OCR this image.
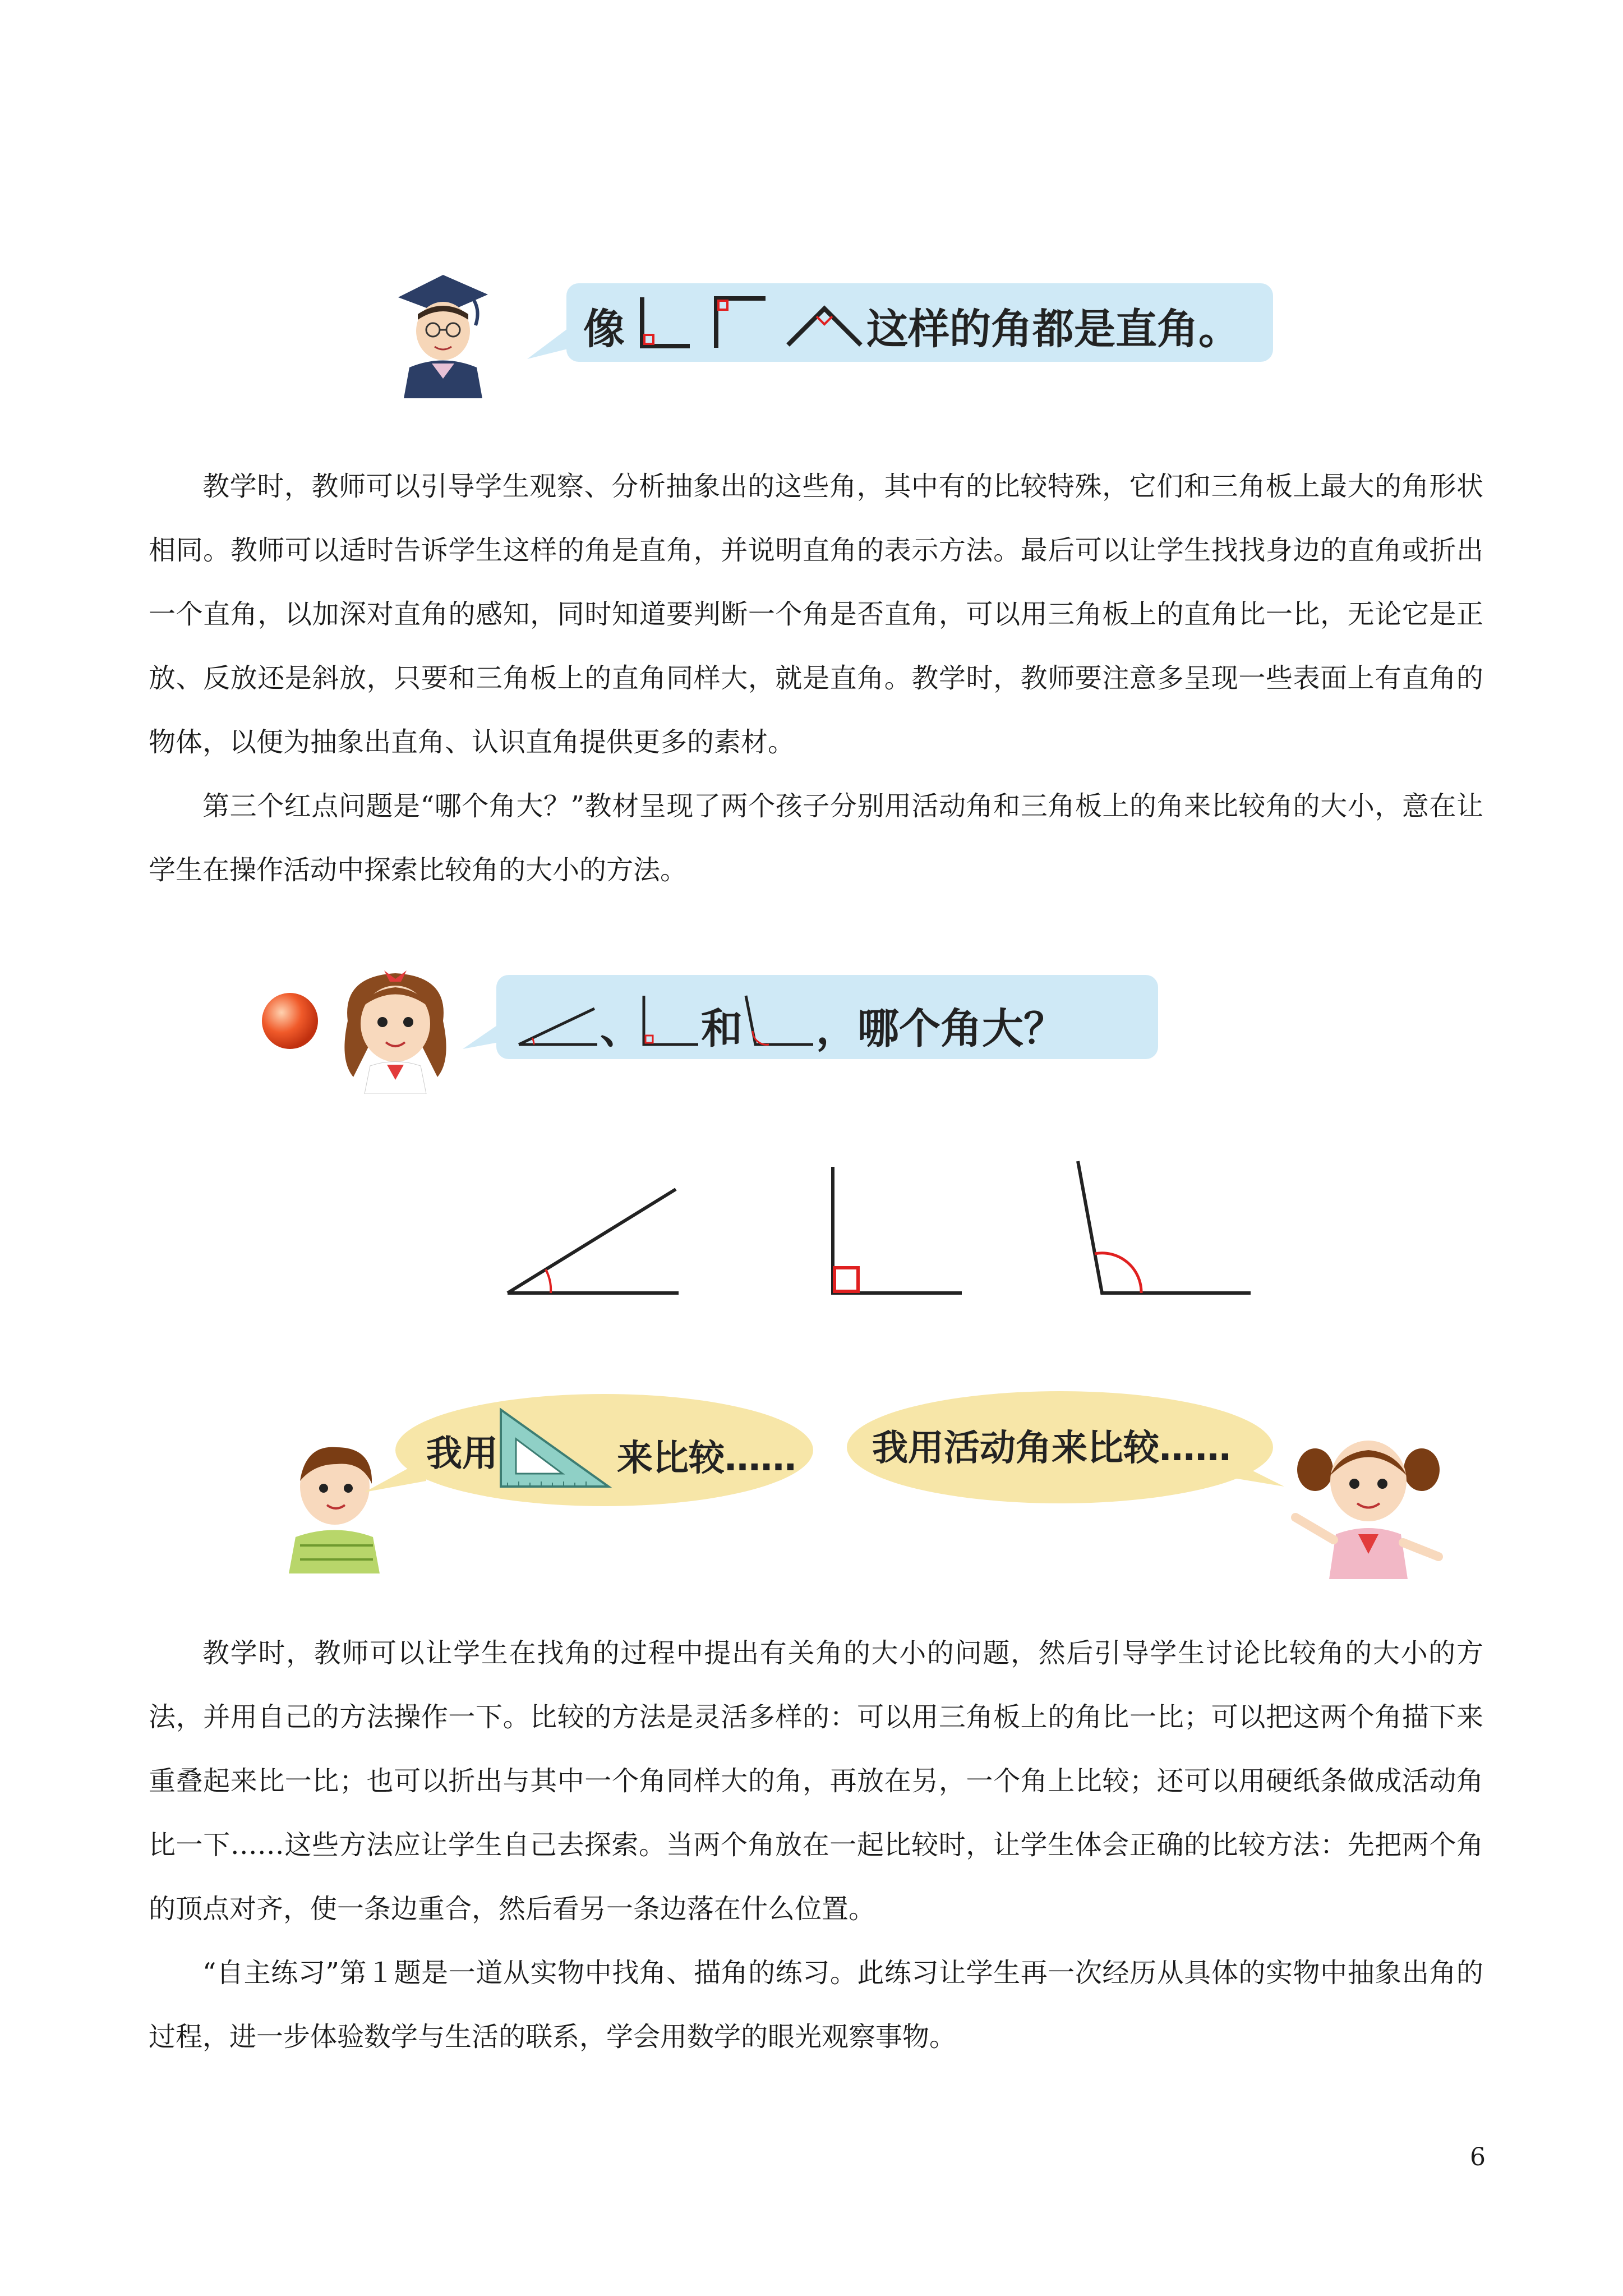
像	这样的角都是直角。

教学时，教师可以引导学生观察、分析抽象出的这些角，其中有的比较特殊，它们和三角板上最大的角形状相同。教师可以适时告诉学生这样的角是直角，并说明直角的表示方法。最后可以让学生找找身边的直角或折出一个直角，以加深对直角的感知，同时知道要判断一个角是否直角，可以用三角板上的直角比一比，无论它是正放、反放还是斜放，只要和三角板上的直角同样大，就是直角。教学时，教师要注意多呈现一些表面上有直角的物体，以便为抽象出直角、认识直角提供更多的素材。

第三个红点问题是“哪个角大？”教材呈现了两个孩子分别用活动角和三角板上的角来比较角的大小，意在让学生在操作活动中探索比较角的大小的方法。

、 和 ，哪个角大？
我用	来比较…… 我用活动角来比较……

教学时，教师可以让学生在找角的过程中提出有关角的大小的问题，然后引导学生讨论比较角的大小的方法，并用自己的方法操作一下。比较的方法是灵活多样的：可以用三角板上的角比一比；可以把这两个角描下来重叠起来比一比；也可以折出与其中一个角同样大的角，再放在另，一个角上比较；还可以用硬纸条做成活动角比一下……这些方法应让学生自己去探索。当两个角放在一起比较时，让学生体会正确的比较方法：先把两个角的顶点对齐，使一条边重合，然后看另一条边落在什么位置。

“自主练习”第１题是一道从实物中找角、描角的练习。此练习让学生再一次经历从具体的实物中抽象出角的过程，进一步体验数学与生活的联系，学会用数学的眼光观察事物。

6
